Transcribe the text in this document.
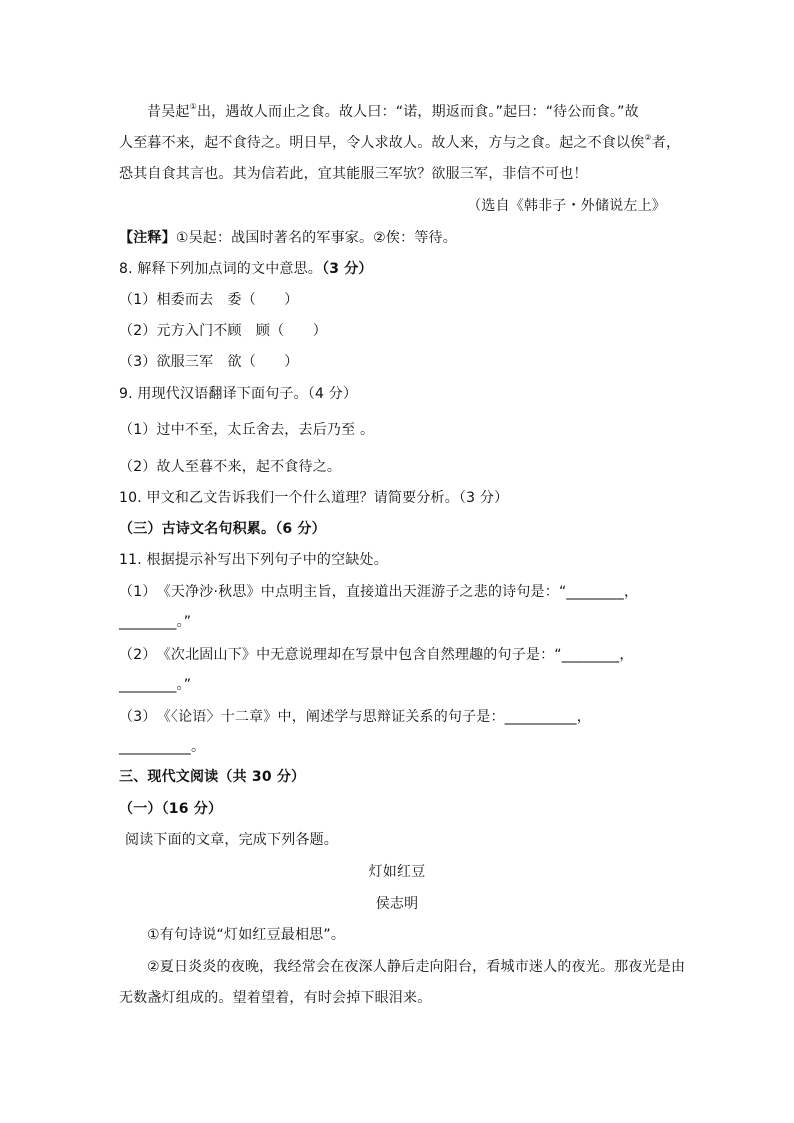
昔吴起①出，遇故人而止之食。故人曰：“诺，期返而食。”起曰：“待公而食。”故
人至暮不来，起不食待之。明日早，令人求故人。故人来，方与之食。起之不食以俟②者，
恐其自食其言也。其为信若此，宜其能服三军欤？欲服三军，非信不可也！
（选自《韩非子・外储说左上》
【注释】①吴起：战国时著名的军事家。②俟：等待。
8. 解释下列加点词的文中意思。（3 分）
（1）相委而去　委（　　）
（2）元方入门不顾　顾（　　）
（3）欲服三军　欲（　　）
9. 用现代汉语翻译下面句子。（4 分）
（1）过中不至，太丘舍去，去后乃至 。
（2）故人至暮不来，起不食待之。
10. 甲文和乙文告诉我们一个什么道理？请简要分析。（3 分）
（三）古诗文名句积累。（6 分）
11. 根据提示补写出下列句子中的空缺处。
（1）　《天净沙·秋思》中点明主旨，直接道出天涯游子之悲的诗句是：“________，
________。”
（2）　《次北固山下》中无意说理却在写景中包含自然理趣的句子是：“________，
________。”
（3）　《〈论语〉十二章》中，阐述学与思辩证关系的句子是：__________，
__________。
三、现代文阅读（共 30 分）
（一）（16 分）
阅读下面的文章，完成下列各题。
灯如红豆
侯志明
①有句诗说“灯如红豆最相思”。
②夏日炎炎的夜晚，我经常会在夜深人静后走向阳台，看城市迷人的夜光。那夜光是由
无数盏灯组成的。望着望着，有时会掉下眼泪来。
